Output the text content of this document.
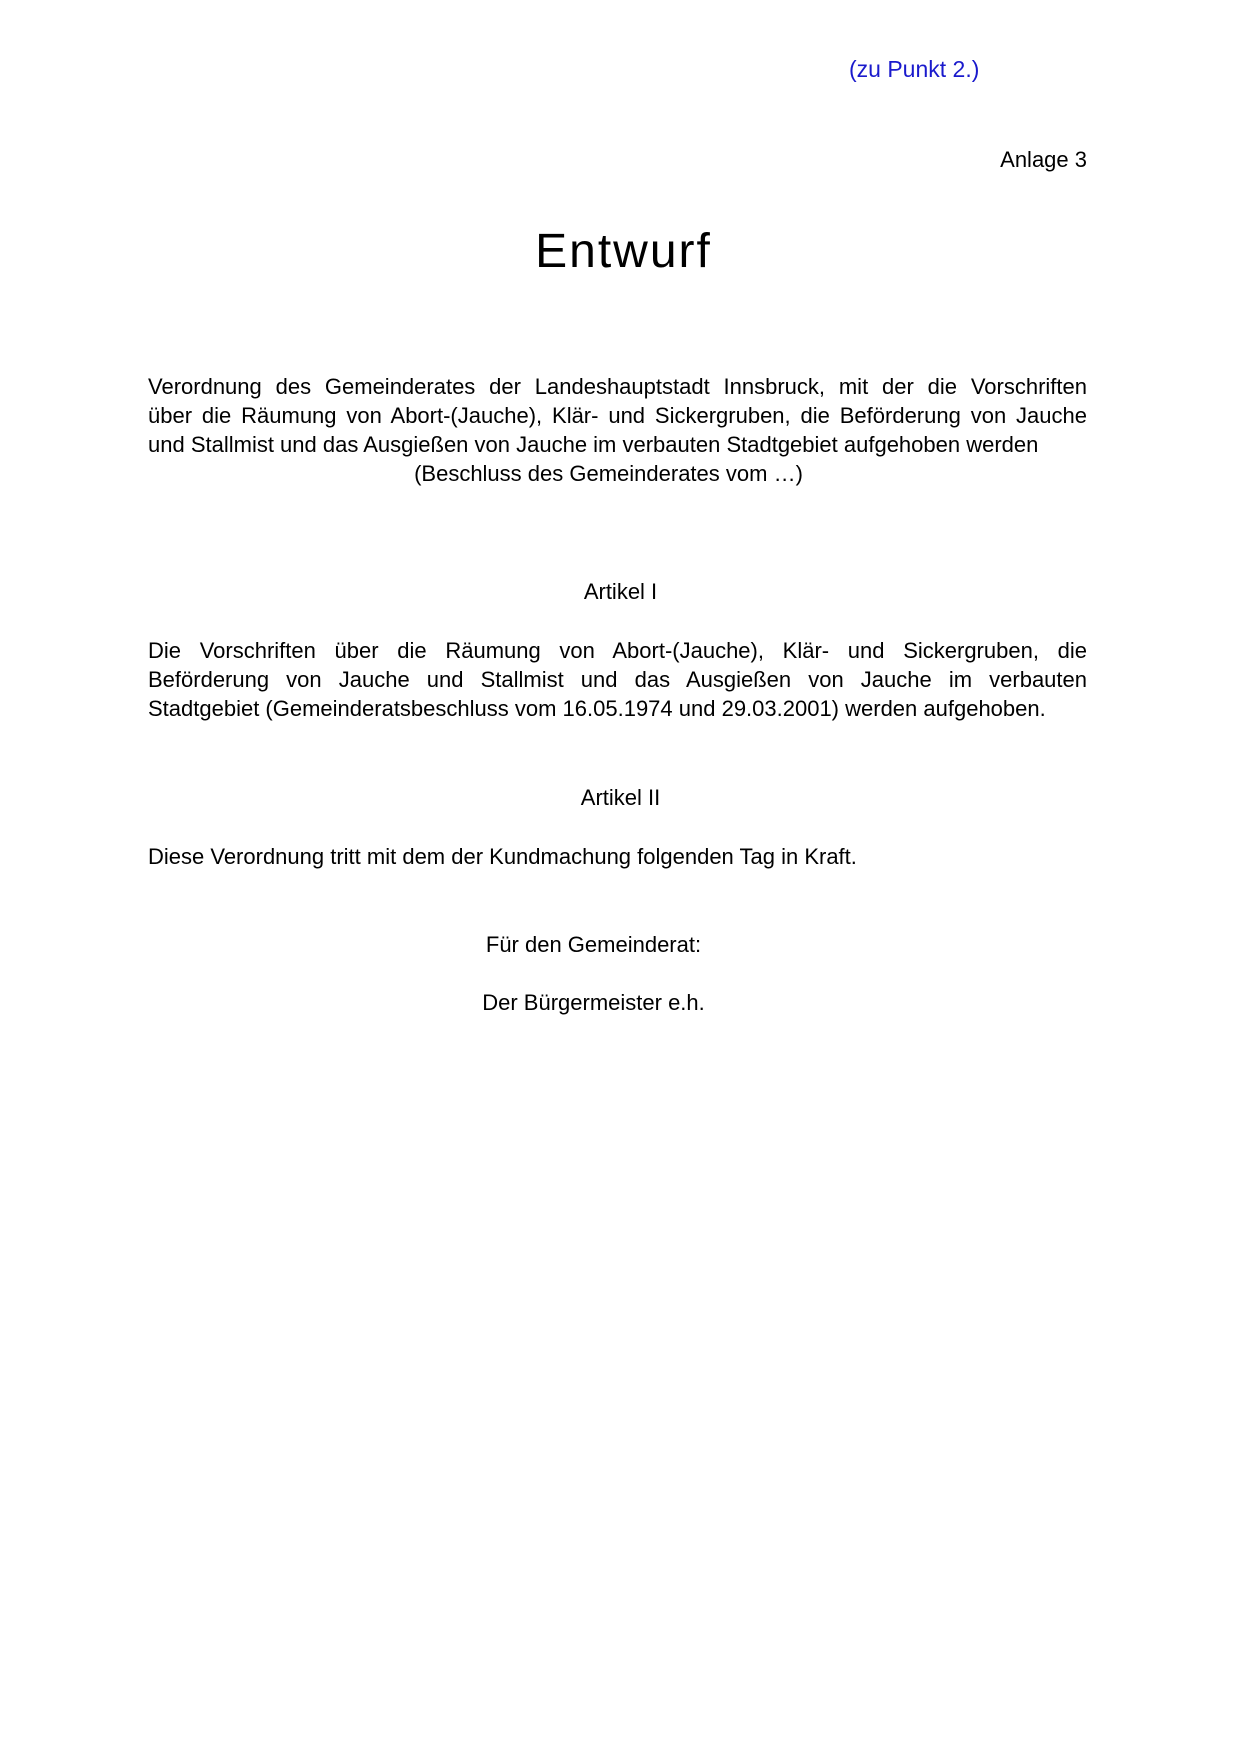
(zu Punkt 2.)
Anlage 3
Entwurf
Verordnung des Gemeinderates der Landeshauptstadt Innsbruck, mit der die Vorschriften
über die Räumung von Abort-(Jauche), Klär- und Sickergruben, die Beförderung von Jauche
und Stallmist und das Ausgießen von Jauche im verbauten Stadtgebiet aufgehoben werden
(Beschluss des Gemeinderates vom …)
Artikel I
Die Vorschriften über die Räumung von Abort-(Jauche), Klär- und Sickergruben, die
Beförderung von Jauche und Stallmist und das Ausgießen von Jauche im verbauten
Stadtgebiet (Gemeinderatsbeschluss vom 16.05.1974 und 29.03.2001) werden aufgehoben.
Artikel II
Diese Verordnung tritt mit dem der Kundmachung folgenden Tag in Kraft.
Für den Gemeinderat:
Der Bürgermeister e.h.
